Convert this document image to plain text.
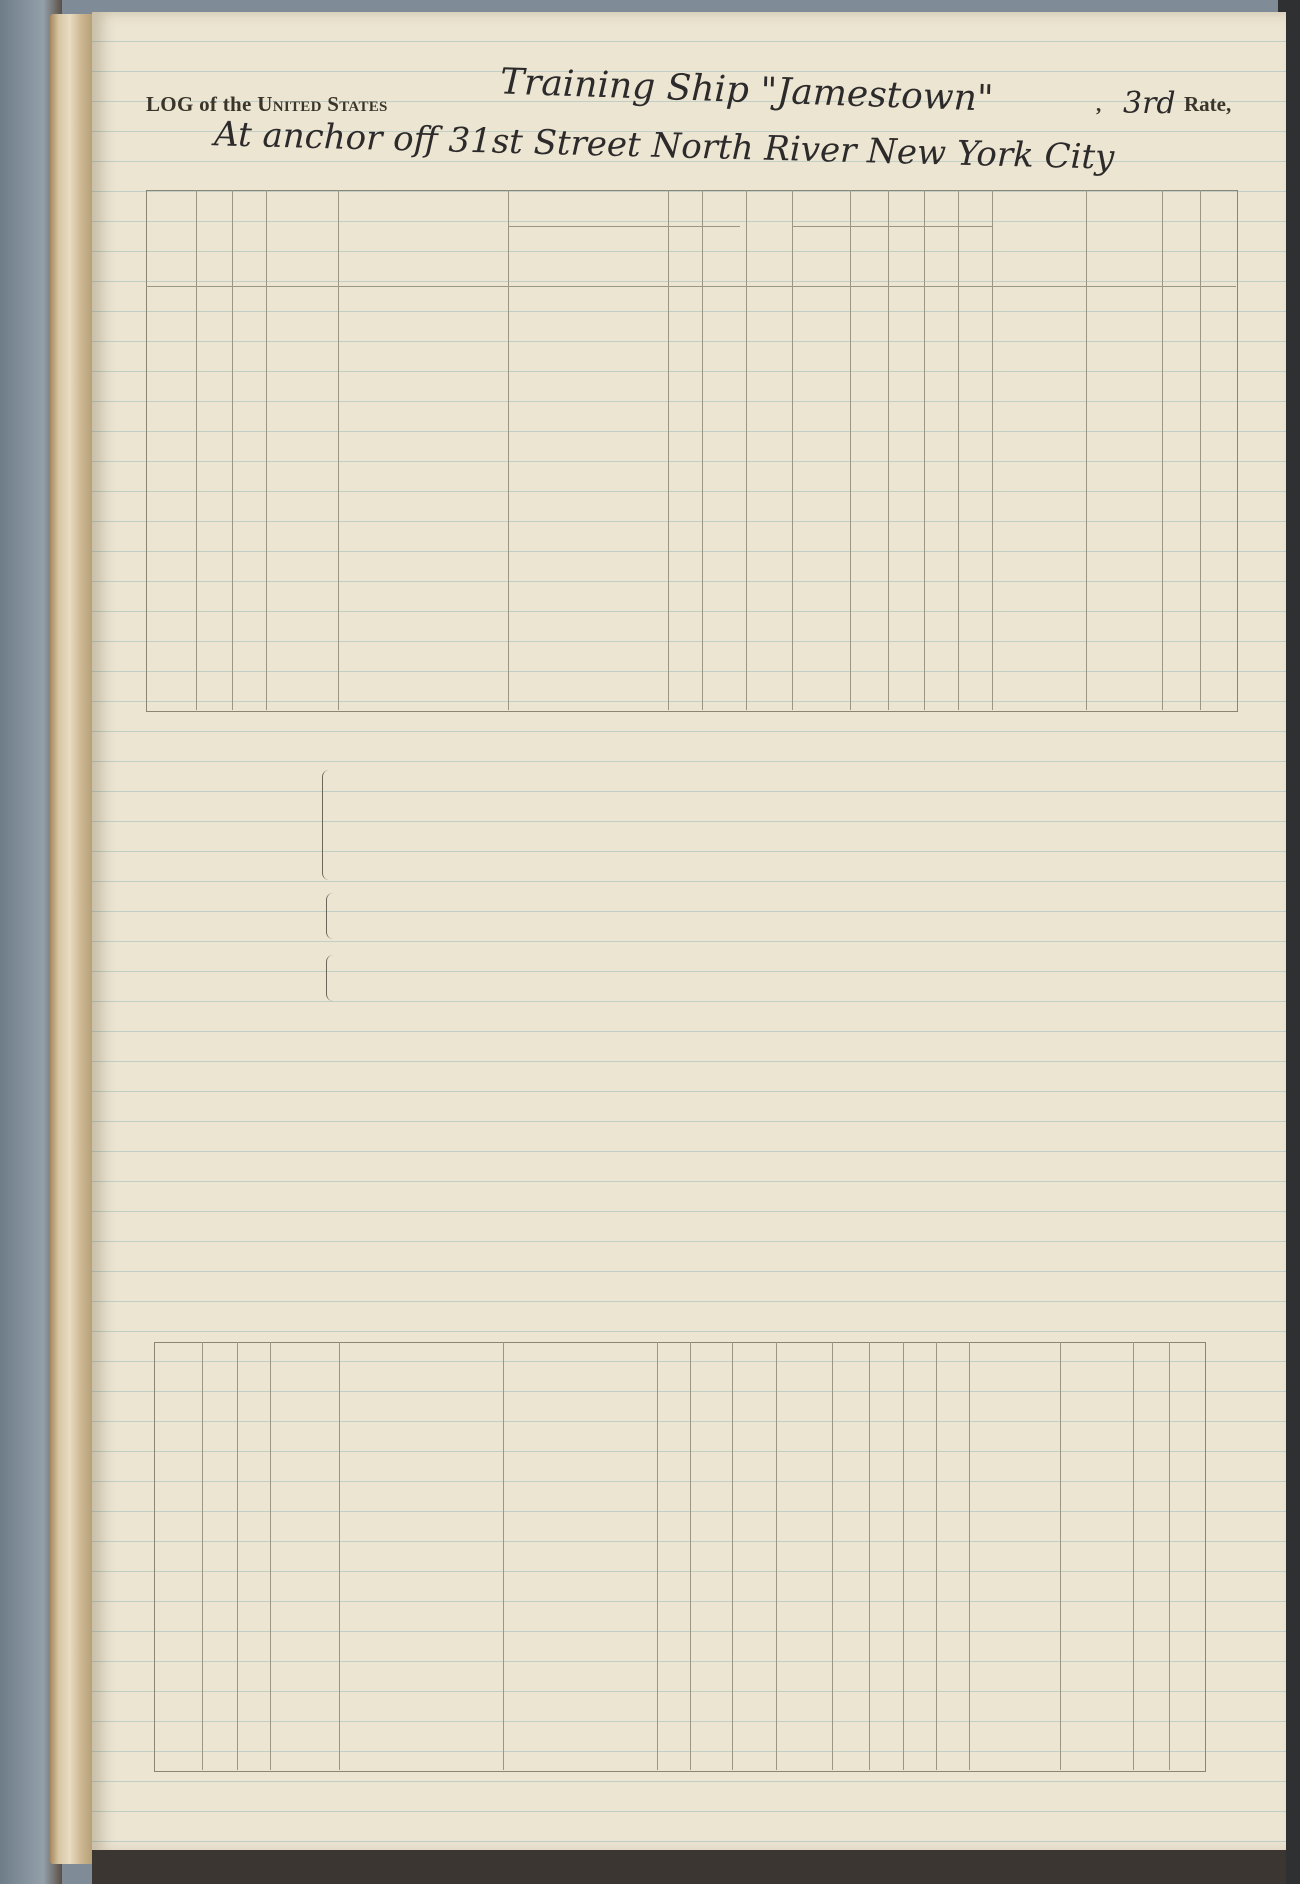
LOG of the United States	Training Ship "Jamestown"	, 3rd Rate,
At anchor off 31st Street North River New York City
